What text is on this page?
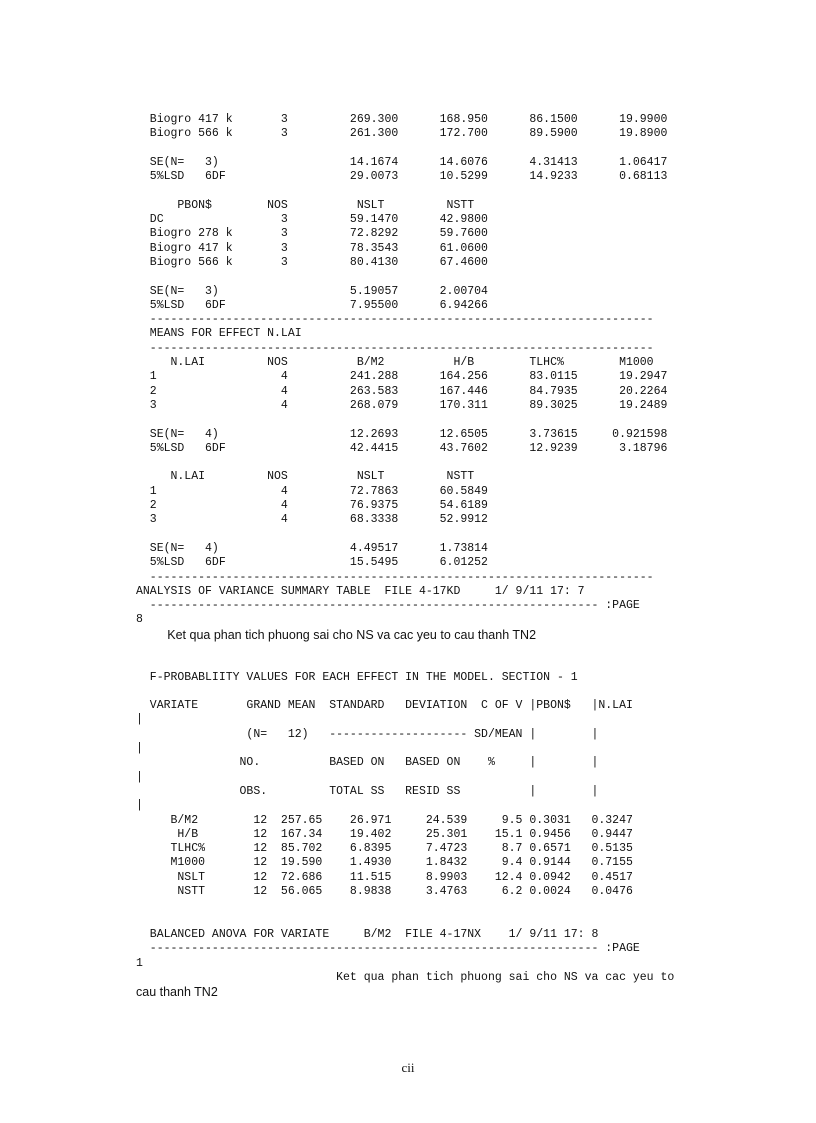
Biogro 417 k       3         269.300      168.950      86.1500      19.9900
Biogro 566 k       3         261.300      172.700      89.5900      19.8900
SE(N=   3)                   14.1674      14.6076      4.31413      1.06417
5%LSD   6DF                  29.0073      10.5299      14.9233      0.68113
PBON$        NOS          NSLT         NSTT
DC                 3         59.1470      42.9800
Biogro 278 k       3         72.8292      59.7600
Biogro 417 k       3         78.3543      61.0600
Biogro 566 k       3         80.4130      67.4600
SE(N=   3)                   5.19057      2.00704
5%LSD   6DF                  7.95500      6.94266
-------------------------------------------------------------------------
MEANS FOR EFFECT N.LAI
-------------------------------------------------------------------------
N.LAI         NOS          B/M2          H/B        TLHC%        M1000
1                  4         241.288      164.256      83.0115      19.2947
2                  4         263.583      167.446      84.7935      20.2264
3                  4         268.079      170.311      89.3025      19.2489
SE(N=   4)                   12.2693      12.6505      3.73615     0.921598
5%LSD   6DF                  42.4415      43.7602      12.9239      3.18796
N.LAI         NOS          NSLT         NSTT
1                  4         72.7863      60.5849
2                  4         76.9375      54.6189
3                  4         68.3338      52.9912
SE(N=   4)                   4.49517      1.73814
5%LSD   6DF                  15.5495      6.01252
-------------------------------------------------------------------------
ANALYSIS OF VARIANCE SUMMARY TABLE  FILE 4-17KD     1/ 9/11 17: 7
----------------------------------------------------------------- :PAGE
8
Ket qua phan tich phuong sai cho NS va cac yeu to cau thanh TN2
F-PROBABLIITY VALUES FOR EACH EFFECT IN THE MODEL. SECTION - 1
VARIATE       GRAND MEAN  STANDARD   DEVIATION  C OF V |PBON$   |N.LAI
|
(N=   12)   -------------------- SD/MEAN |        |
|
NO.          BASED ON   BASED ON    %     |        |
|
OBS.         TOTAL SS   RESID SS          |        |
|
B/M2        12  257.65    26.971     24.539     9.5 0.3031   0.3247
H/B        12  167.34    19.402     25.301    15.1 0.9456   0.9447
TLHC%       12  85.702    6.8395     7.4723     8.7 0.6571   0.5135
M1000       12  19.590    1.4930     1.8432     9.4 0.9144   0.7155
NSLT       12  72.686    11.515     8.9903    12.4 0.0942   0.4517
NSTT       12  56.065    8.9838     3.4763     6.2 0.0024   0.0476
BALANCED ANOVA FOR VARIATE     B/M2  FILE 4-17NX    1/ 9/11 17: 8
----------------------------------------------------------------- :PAGE
1
Ket qua phan tich phuong sai cho NS va cac yeu to
cau thanh TN2
cii
